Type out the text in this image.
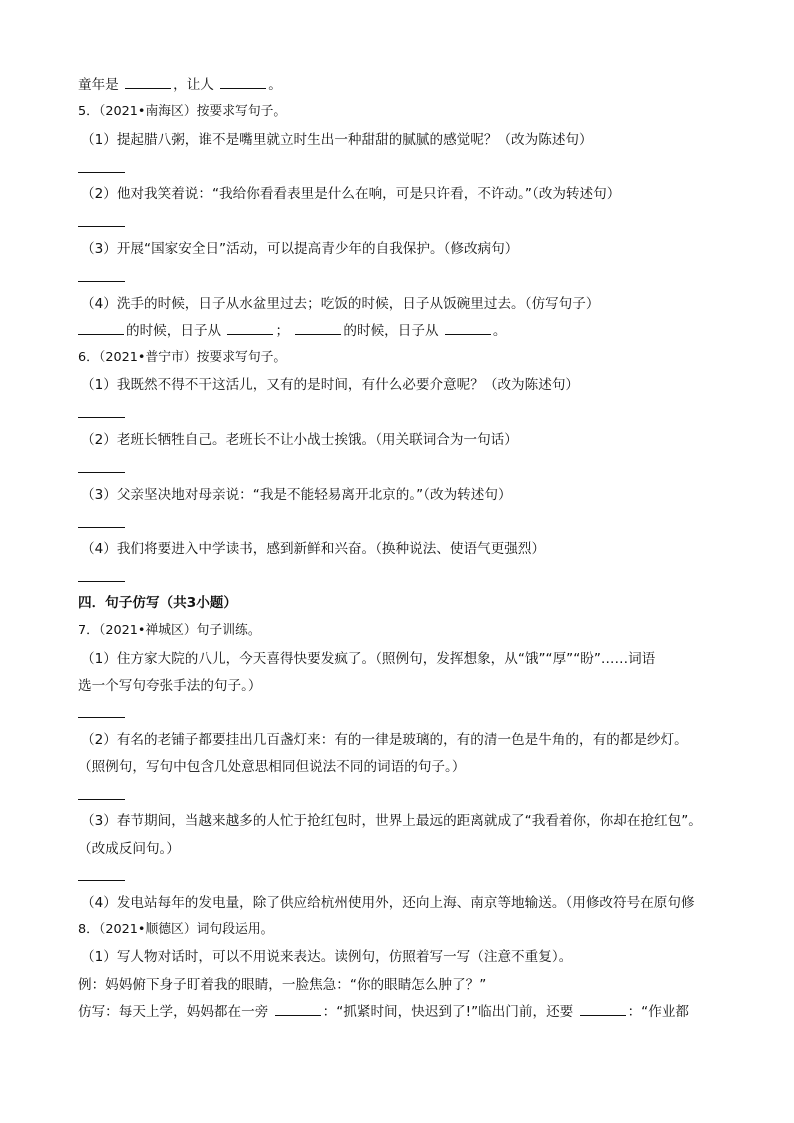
童年是	，让人	。
5．（2021•南海区）按要求写句子。
（1）提起腊八粥，谁不是嘴里就立时生出一种甜甜的腻腻的感觉呢？（改为陈述句）
（2）他对我笑着说：“我给你看看表里是什么在响，可是只许看，不许动。”（改为转述句）
（3）开展“国家安全日”活动，可以提高青少年的自我保护。（修改病句）
（4）洗手的时候，日子从水盆里过去；吃饭的时候，日子从饭碗里过去。（仿写句子）
的时候，日子从	；	的时候，日子从	。
6．（2021•普宁市）按要求写句子。
（1）我既然不得不干这活儿，又有的是时间，有什么必要介意呢？（改为陈述句）
（2）老班长牺牲自己。老班长不让小战士挨饿。（用关联词合为一句话）
（3）父亲坚决地对母亲说：“我是不能轻易离开北京的。”（改为转述句）
（4）我们将要进入中学读书，感到新鲜和兴奋。（换种说法、使语气更强烈）
四．句子仿写（共3小题）
7．（2021•禅城区）句子训练。
（1）住方家大院的八儿，今天喜得快要发疯了。（照例句，发挥想象，从“饿”“厚”“盼”……词语
选一个写句夸张手法的句子。）
（2）有名的老铺子都要挂出几百盏灯来：有的一律是玻璃的，有的清一色是牛角的，有的都是纱灯。
（照例句，写句中包含几处意思相同但说法不同的词语的句子。）
（3）春节期间，当越来越多的人忙于抢红包时，世界上最远的距离就成了“我看着你，你却在抢红包”。
（改成反问句。）
（4）发电站每年的发电量，除了供应给杭州使用外，还向上海、南京等地输送。（用修改符号在原句修
8．（2021•顺德区）词句段运用。
（1）写人物对话时，可以不用说来表达。读例句，仿照着写一写（注意不重复）。
例：妈妈俯下身子盯着我的眼睛，一脸焦急：“你的眼睛怎么肿了？”
仿写：每天上学，妈妈都在一旁	：“抓紧时间，快迟到了!”临出门前，还要	：“作业都
